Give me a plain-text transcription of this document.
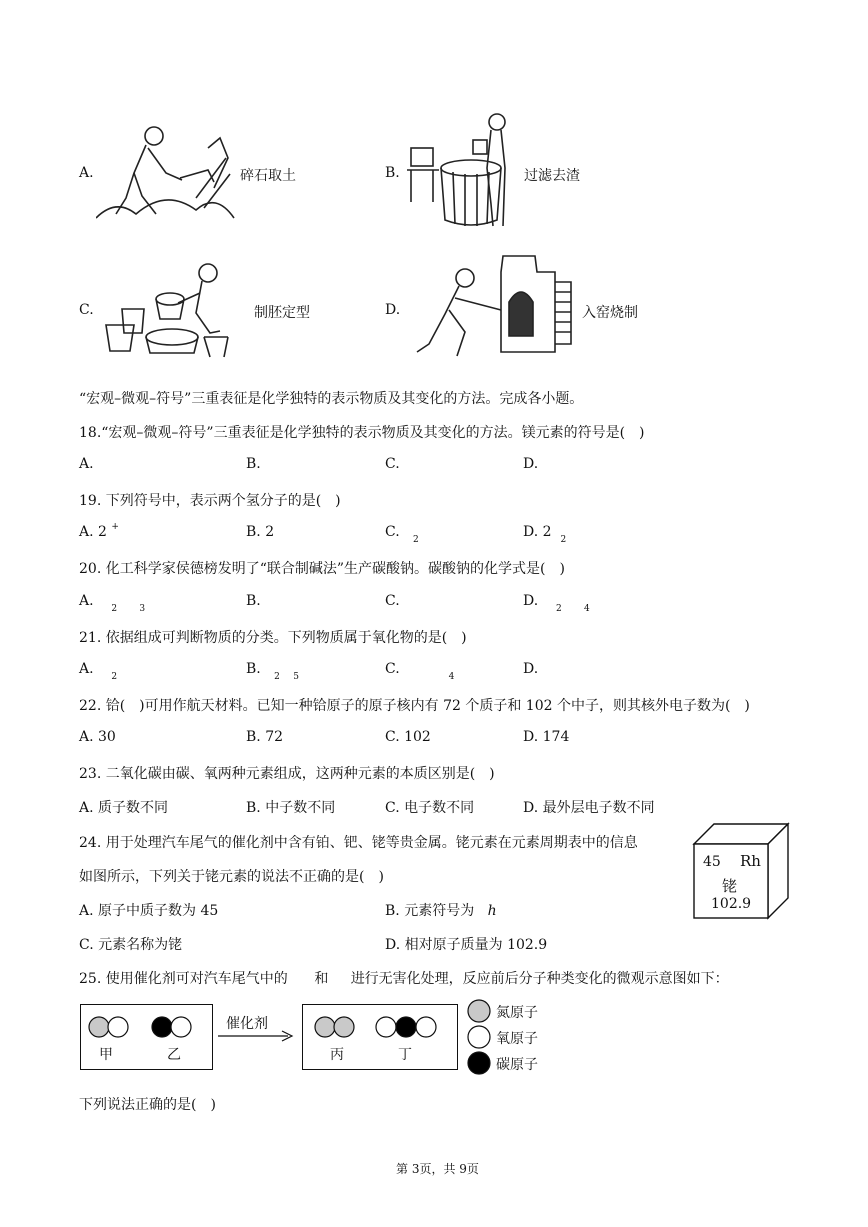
A.	碎石取土	B.	过滤去渣
C.	制胚定型	D.	入窑烧制
“宏观–微观–符号”三重表征是化学独特的表示物质及其变化的方法。完成各小题。
18.“宏观–微观–符号”三重表征是化学独特的表示物质及其变化的方法。镁元素的符号是(　)
A.	B.	C.	D.
19. 下列符号中，表示两个氢分子的是(　)
A. 2 +	B. 2	C. $_2$	D. 2 $_2$
20. 化工科学家侯德榜发明了“联合制碱法”生产碳酸钠。碳酸钠的化学式是(　)
A. $_2$ $_3$	B.	C.	D. $_2$ $_4$
21. 依据组成可判断物质的分类。下列物质属于氧化物的是(　)
A. $_2$	B. $_2$ $_5$	C.	$_4$	D.
22. 铪(　)可用作航天材料。已知一种铪原子的原子核内有 72 个质子和 102 个中子，则其核外电子数为(　)
A. 30	B. 72	C. 102	D. 174
23. 二氧化碳由碳、氧两种元素组成，这两种元素的本质区别是(　)
A. 质子数不同	B. 中子数不同	C. 电子数不同	D. 最外层电子数不同
24. 用于处理汽车尾气的催化剂中含有铂、钯、铑等贵金属。铑元素在元素周期表中的信息
如图所示，下列关于铑元素的说法不正确的是(　)
A. 原子中质子数为 45	B. 元素符号为 h
C. 元素名称为铑	D. 相对原子质量为 102.9
45 Rh
铑
102.9
25. 使用催化剂可对汽车尾气中的 和 进行无害化处理，反应前后分子种类变化的微观示意图如下：
甲	乙
催化剂
丙	丁
氮原子
氧原子
碳原子
下列说法正确的是(　)
第 3页，共 9页
